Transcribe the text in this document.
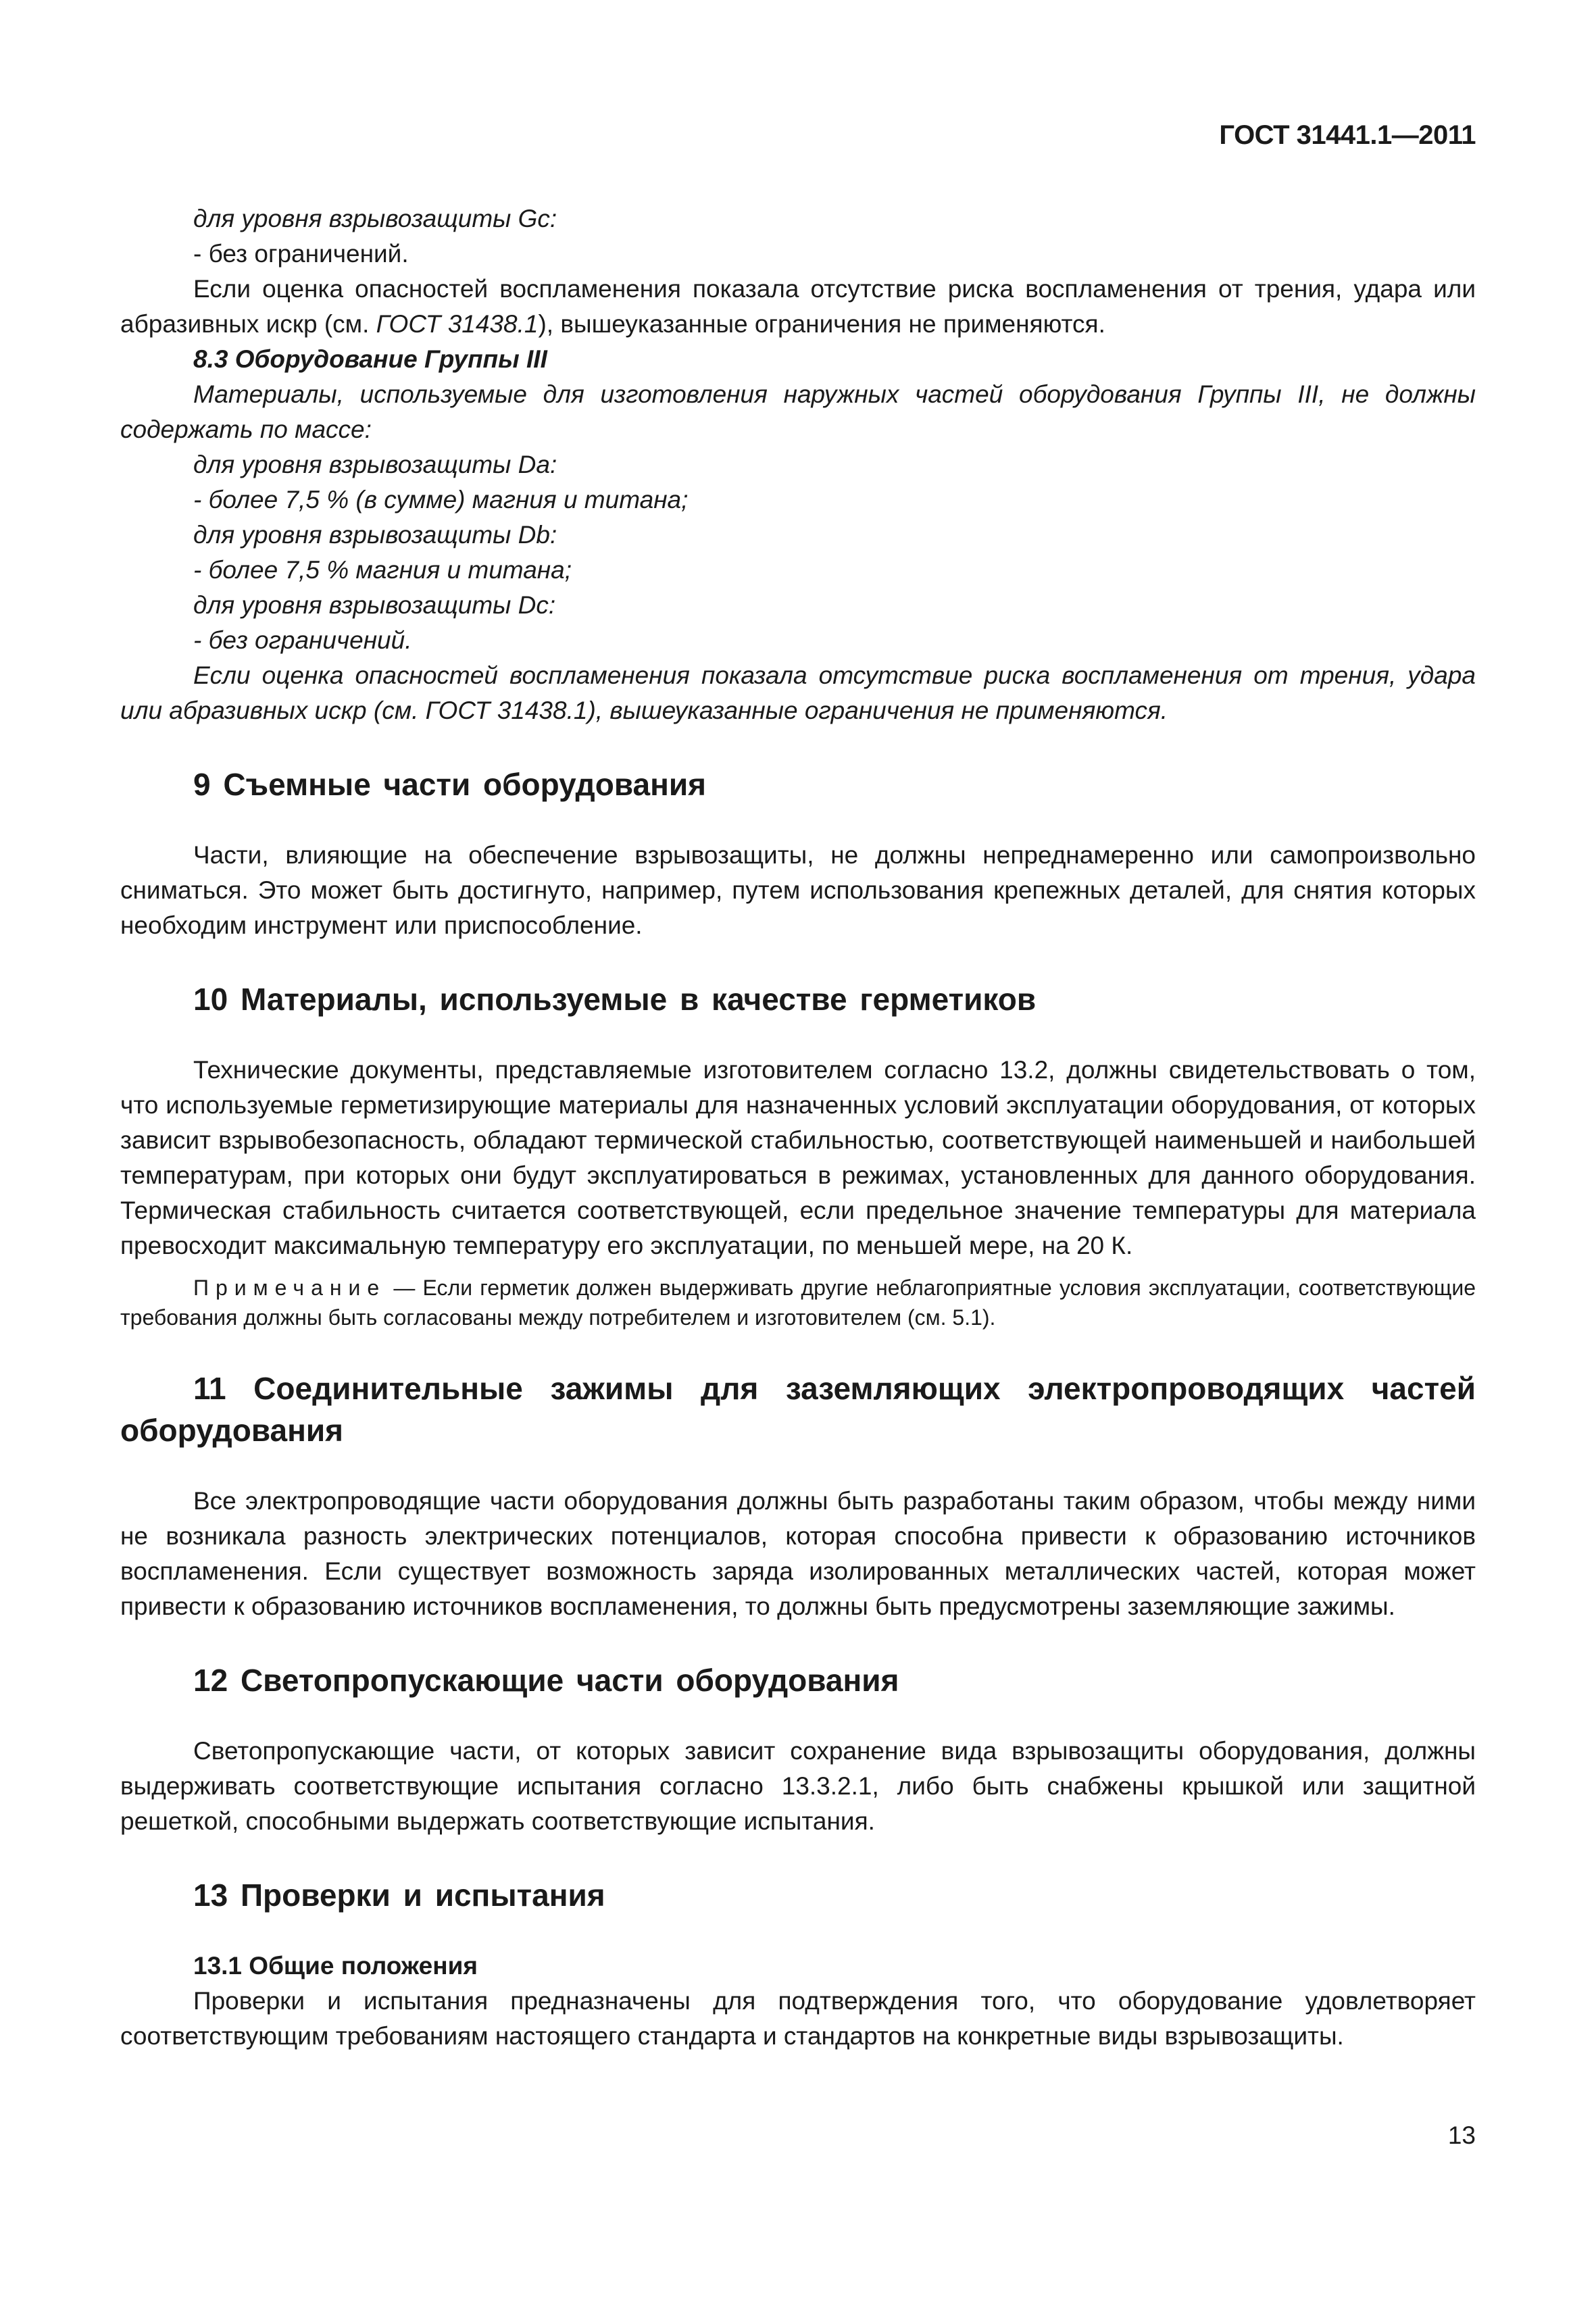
ГОСТ 31441.1—2011

для уровня взрывозащиты Gc:

- без ограничений.

Если оценка опасностей воспламенения показала отсутствие риска воспламенения от трения, удара или абразивных искр (см. ГОСТ 31438.1), вышеуказанные ограничения не применяются.

8.3 Оборудование Группы III

Материалы, используемые для изготовления наружных частей оборудования Группы III, не должны содержать по массе:

для уровня взрывозащиты Da:

- более 7,5 % (в сумме) магния и титана;

для уровня взрывозащиты Db:

- более 7,5 % магния и титана;

для уровня взрывозащиты Dc:

- без ограничений.

Если оценка опасностей воспламенения показала отсутствие риска воспламенения от трения, удара или абразивных искр (см. ГОСТ 31438.1), вышеуказанные ограничения не применяются.

9 Съемные части оборудования

Части, влияющие на обеспечение взрывозащиты, не должны непреднамеренно или самопроизвольно сниматься. Это может быть достигнуто, например, путем использования крепежных деталей, для снятия которых необходим инструмент или приспособление.

10 Материалы, используемые в качестве герметиков

Технические документы, представляемые изготовителем согласно 13.2, должны свидетельствовать о том, что используемые герметизирующие материалы для назначенных условий эксплуатации оборудования, от которых зависит взрывобезопасность, обладают термической стабильностью, соответствующей наименьшей и наибольшей температурам, при которых они будут эксплуатироваться в режимах, установленных для данного оборудования. Термическая стабильность считается соответствующей, если предельное значение температуры для материала превосходит максимальную температуру его эксплуатации, по меньшей мере, на 20 К.

Примечание — Если герметик должен выдерживать другие неблагоприятные условия эксплуатации, соответствующие требования должны быть согласованы между потребителем и изготовителем (см. 5.1).

11 Соединительные зажимы для заземляющих электропроводящих частей оборудования

Все электропроводящие части оборудования должны быть разработаны таким образом, чтобы между ними не возникала разность электрических потенциалов, которая способна привести к образованию источников воспламенения. Если существует возможность заряда изолированных металлических частей, которая может привести к образованию источников воспламенения, то должны быть предусмотрены заземляющие зажимы.

12 Светопропускающие части оборудования

Светопропускающие части, от которых зависит сохранение вида взрывозащиты оборудования, должны выдерживать соответствующие испытания согласно 13.3.2.1, либо быть снабжены крышкой или защитной решеткой, способными выдержать соответствующие испытания.

13 Проверки и испытания
13.1 Общие положения

Проверки и испытания предназначены для подтверждения того, что оборудование удовлетворяет соответствующим требованиям настоящего стандарта и стандартов на конкретные виды взрывозащиты.

13
